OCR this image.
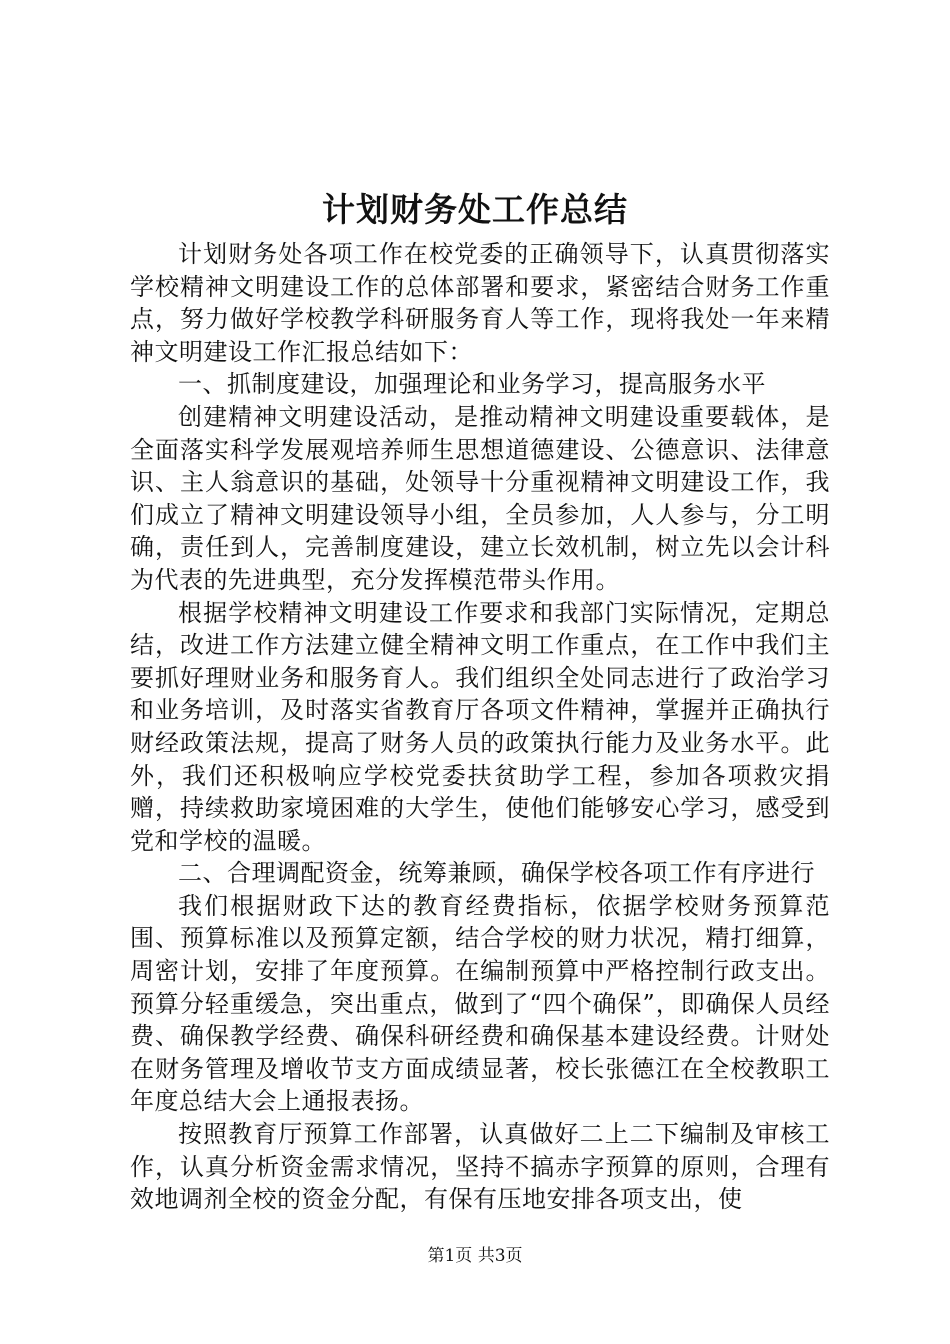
计划财务处工作总结

计划财务处各项工作在校党委的正确领导下，认真贯彻落实学校精神文明建设工作的总体部署和要求，紧密结合财务工作重点，努力做好学校教学科研服务育人等工作，现将我处一年来精神文明建设工作汇报总结如下：

一、抓制度建设，加强理论和业务学习，提高服务水平

创建精神文明建设活动，是推动精神文明建设重要载体，是全面落实科学发展观培养师生思想道德建设、公德意识、法律意识、主人翁意识的基础，处领导十分重视精神文明建设工作，我们成立了精神文明建设领导小组，全员参加，人人参与，分工明确，责任到人，完善制度建设，建立长效机制，树立先以会计科为代表的先进典型，充分发挥模范带头作用。

根据学校精神文明建设工作要求和我部门实际情况，定期总结，改进工作方法建立健全精神文明工作重点，在工作中我们主要抓好理财业务和服务育人。我们组织全处同志进行了政治学习和业务培训，及时落实省教育厅各项文件精神，掌握并正确执行财经政策法规，提高了财务人员的政策执行能力及业务水平。此外，我们还积极响应学校党委扶贫助学工程，参加各项救灾捐赠，持续救助家境困难的大学生，使他们能够安心学习，感受到党和学校的温暖。

二、合理调配资金，统筹兼顾，确保学校各项工作有序进行

我们根据财政下达的教育经费指标，依据学校财务预算范围、预算标准以及预算定额，结合学校的财力状况，精打细算，周密计划，安排了年度预算。在编制预算中严格控制行政支出。预算分轻重缓急，突出重点，做到了“四个确保”，即确保人员经费、确保教学经费、确保科研经费和确保基本建设经费。计财处在财务管理及增收节支方面成绩显著，校长张德江在全校教职工年度总结大会上通报表扬。

按照教育厅预算工作部署，认真做好二上二下编制及审核工作，认真分析资金需求情况，坚持不搞赤字预算的原则，合理有效地调剂全校的资金分配，有保有压地安排各项支出，使

第1页 共3页
